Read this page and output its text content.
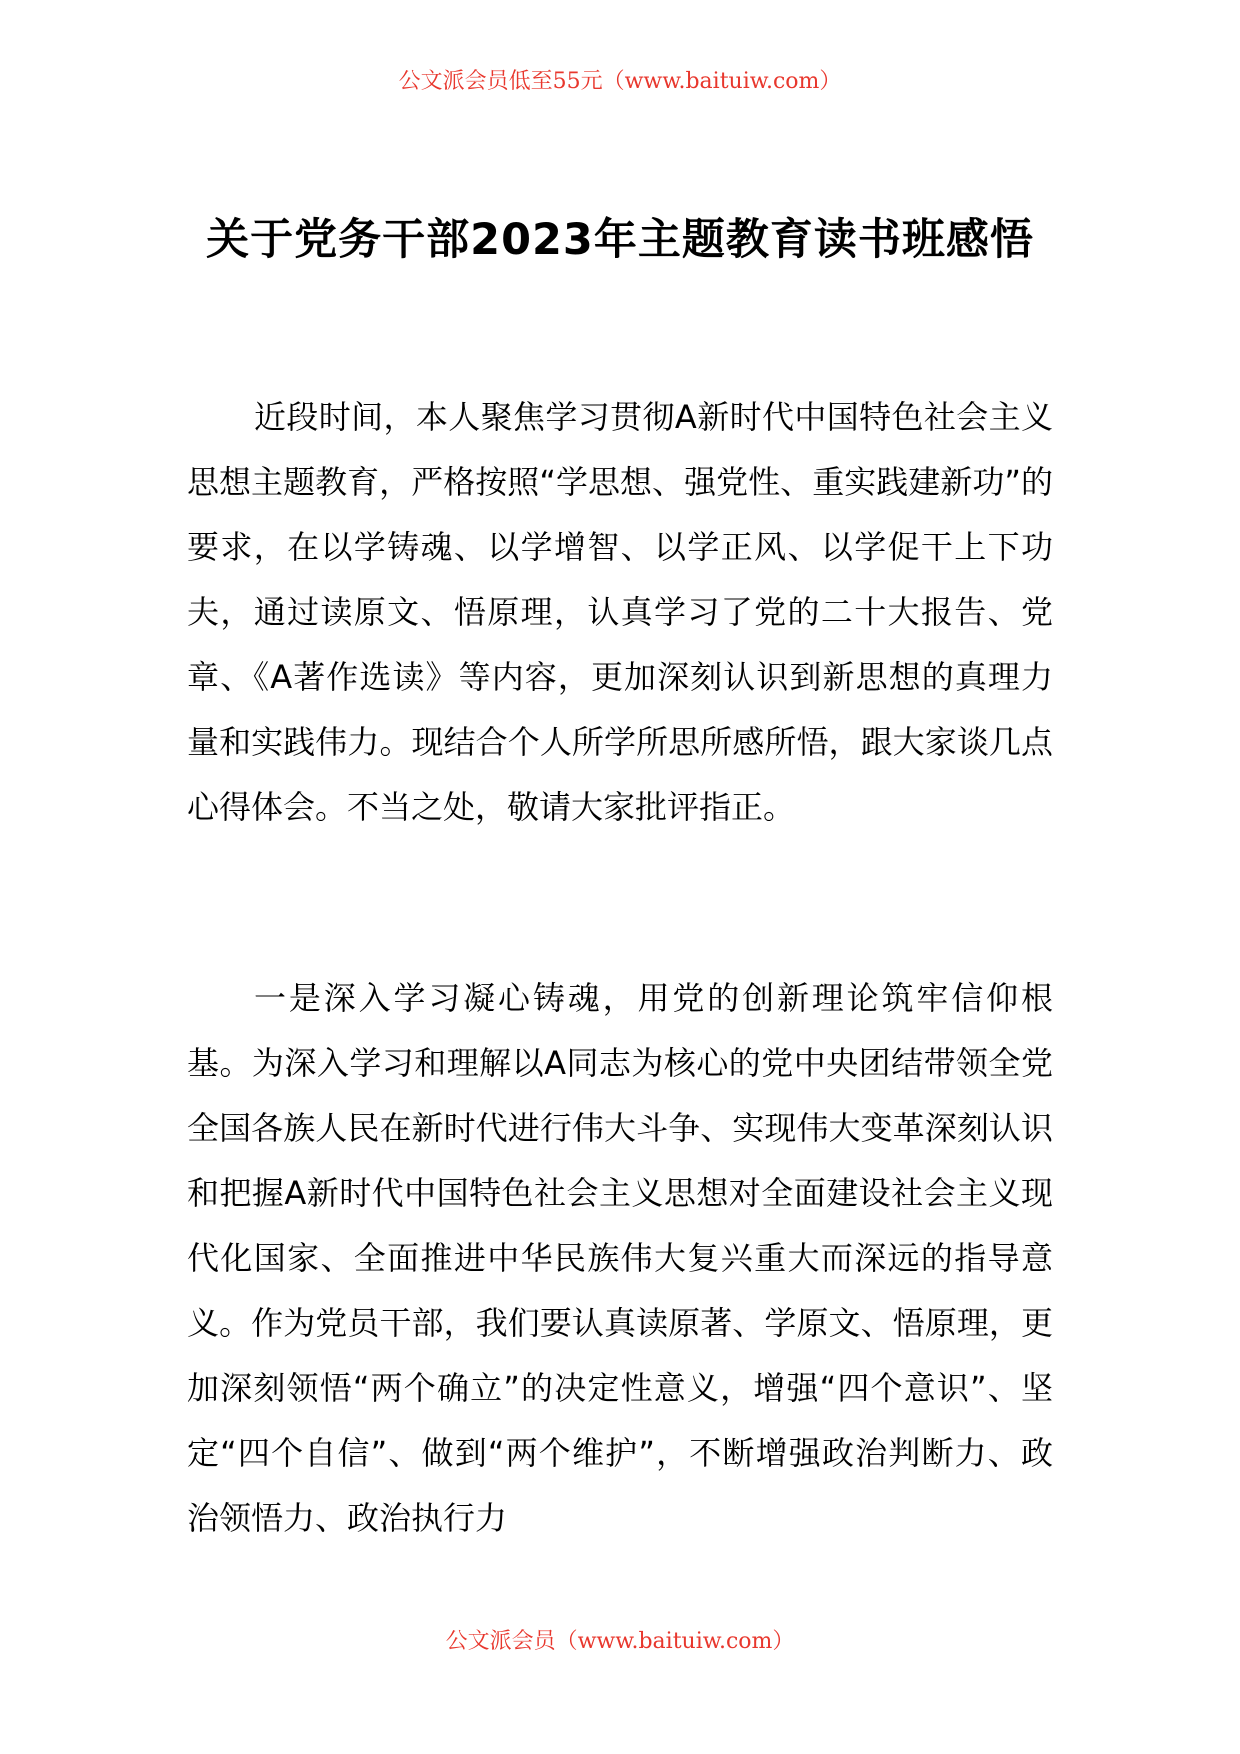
公文派会员低至55元（www.baituiw.com）
关于党务干部2023年主题教育读书班感悟

近段时间，本人聚焦学习贯彻A新时代中国特色社会主义思想主题教育，严格按照“学思想、强党性、重实践建新功”的要求，在以学铸魂、以学增智、以学正风、以学促干上下功夫，通过读原文、悟原理，认真学习了党的二十大报告、党章、《A著作选读》等内容，更加深刻认识到新思想的真理力量和实践伟力。现结合个人所学所思所感所悟，跟大家谈几点心得体会。不当之处，敬请大家批评指正。

一是深入学习凝心铸魂，用党的创新理论筑牢信仰根基。为深入学习和理解以A同志为核心的党中央团结带领全党全国各族人民在新时代进行伟大斗争、实现伟大变革深刻认识和把握A新时代中国特色社会主义思想对全面建设社会主义现代化国家、全面推进中华民族伟大复兴重大而深远的指导意义。作为党员干部，我们要认真读原著、学原文、悟原理，更加深刻领悟“两个确立”的决定性意义，增强“四个意识”、坚定“四个自信”、做到“两个维护”，不断增强政治判断力、政治领悟力、政治执行力

公文派会员（www.baituiw.com）
